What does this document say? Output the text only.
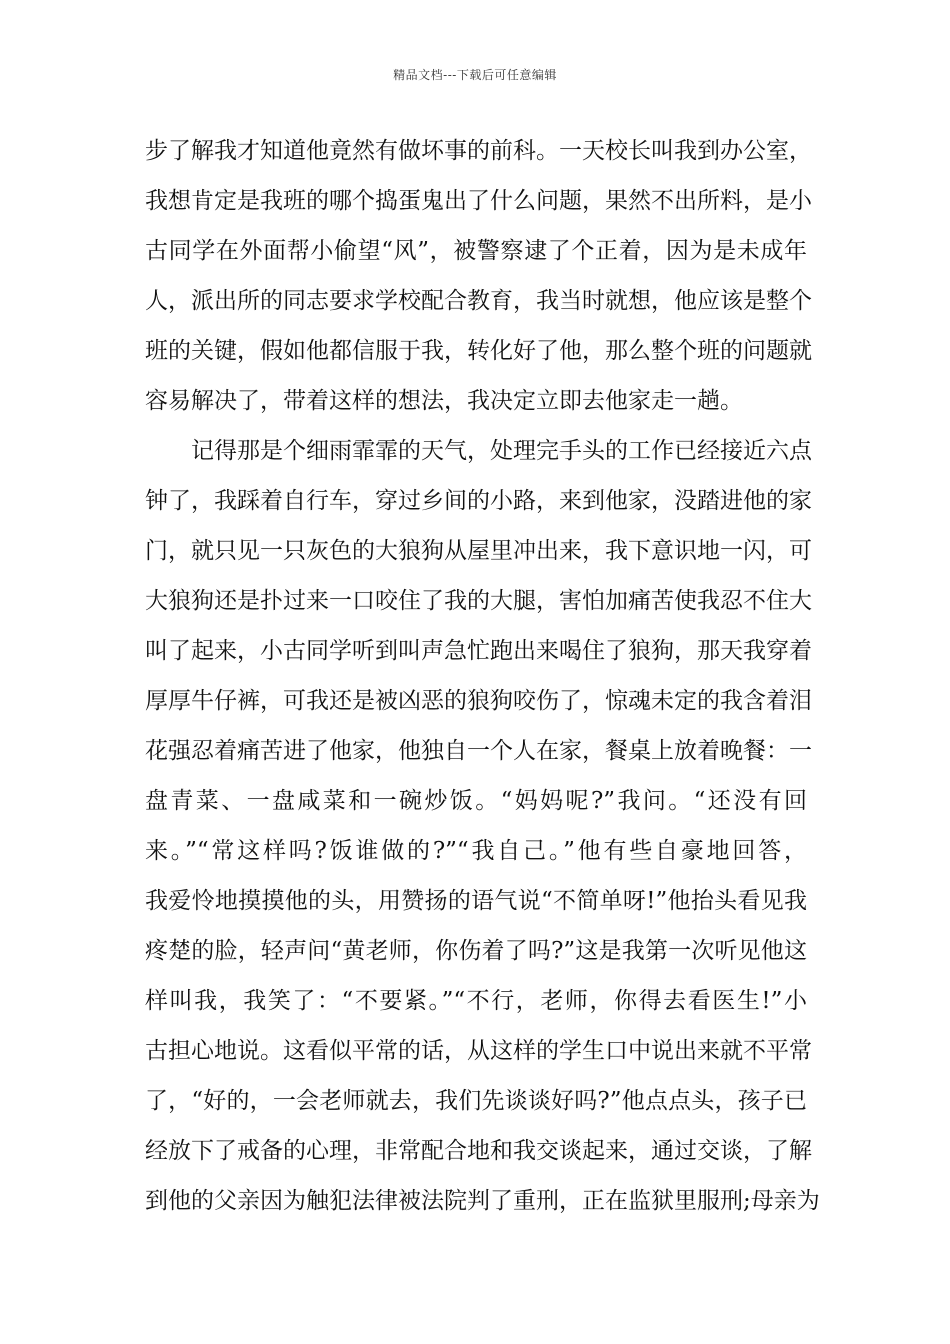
精品文档---下载后可任意编辑
步了解我才知道他竟然有做坏事的前科。一天校长叫我到办公室，
我想肯定是我班的哪个捣蛋鬼出了什么问题，果然不出所料，是小
古同学在外面帮小偷望“风”，被警察逮了个正着，因为是未成年
人，派出所的同志要求学校配合教育，我当时就想，他应该是整个
班的关键，假如他都信服于我，转化好了他，那么整个班的问题就
容易解决了，带着这样的想法，我决定立即去他家走一趟。
记得那是个细雨霏霏的天气，处理完手头的工作已经接近六点
钟了，我踩着自行车，穿过乡间的小路，来到他家，没踏进他的家
门，就只见一只灰色的大狼狗从屋里冲出来，我下意识地一闪，可
大狼狗还是扑过来一口咬住了我的大腿，害怕加痛苦使我忍不住大
叫了起来，小古同学听到叫声急忙跑出来喝住了狼狗，那天我穿着
厚厚牛仔裤，可我还是被凶恶的狼狗咬伤了，惊魂未定的我含着泪
花强忍着痛苦进了他家，他独自一个人在家，餐桌上放着晚餐：一
盘青菜、一盘咸菜和一碗炒饭。“妈妈呢?”我问。“还没有回
来。”“常这样吗?饭谁做的?”“我自己。”他有些自豪地回答，
我爱怜地摸摸他的头，用赞扬的语气说“不简单呀!”他抬头看见我
疼楚的脸，轻声问“黄老师，你伤着了吗?”这是我第一次听见他这
样叫我，我笑了：“不要紧。”“不行，老师，你得去看医生!”小
古担心地说。这看似平常的话，从这样的学生口中说出来就不平常
了，“好的，一会老师就去，我们先谈谈好吗?”他点点头，孩子已
经放下了戒备的心理，非常配合地和我交谈起来，通过交谈，了解
到他的父亲因为触犯法律被法院判了重刑，正在监狱里服刑;母亲为
